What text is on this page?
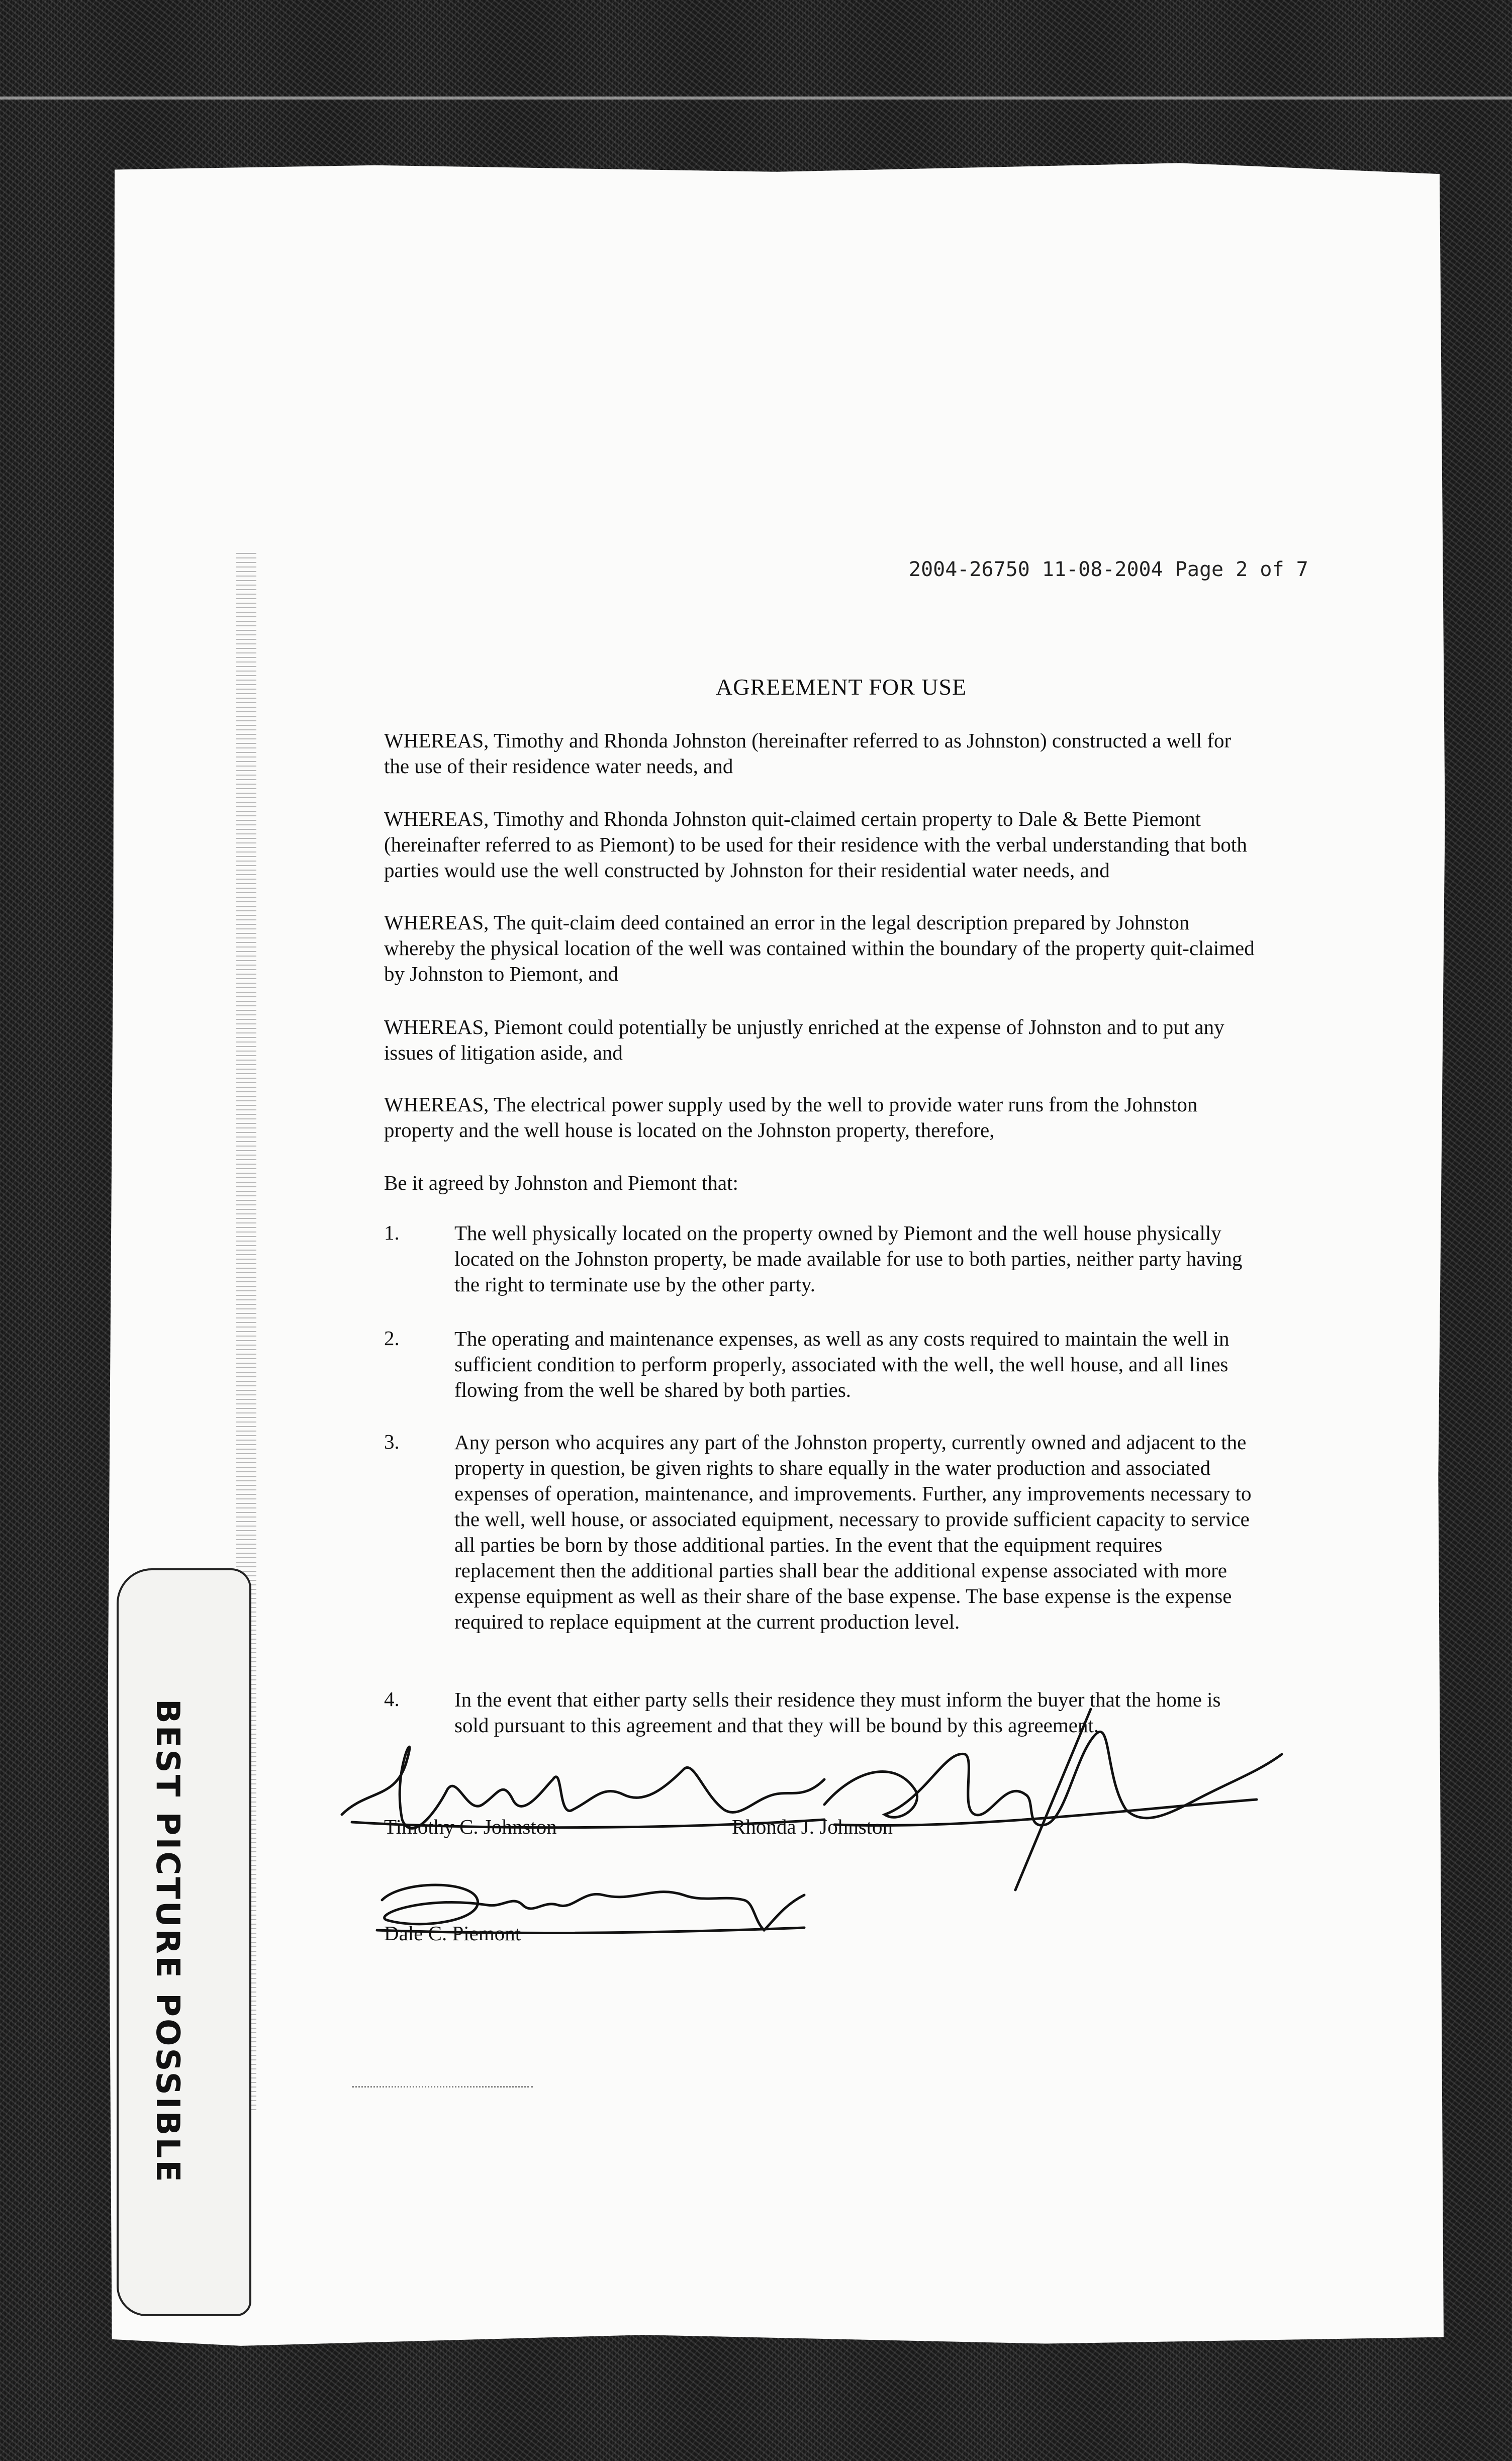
BEST PICTURE POSSIBLE
2004-26750 11-08-2004 Page 2 of 7
AGREEMENT FOR USE

WHEREAS, Timothy and Rhonda Johnston (hereinafter referred to as Johnston) constructed a well for the use of their residence water needs, and

WHEREAS, Timothy and Rhonda Johnston quit-claimed certain property to Dale & Bette Piemont (hereinafter referred to as Piemont) to be used for their residence with the verbal understanding that both parties would use the well constructed by Johnston for their residential water needs, and

WHEREAS, The quit-claim deed contained an error in the legal description prepared by Johnston whereby the physical location of the well was contained within the boundary of the property quit-claimed by Johnston to Piemont, and

WHEREAS, Piemont could potentially be unjustly enriched at the expense of Johnston and to put any issues of litigation aside, and

WHEREAS, The electrical power supply used by the well to provide water runs from the Johnston property and the well house is located on the Johnston property, therefore,

Be it agreed by Johnston and Piemont that:

1.	The well physically located on the property owned by Piemont and the well house physically located on the Johnston property, be made available for use to both parties, neither party having the right to terminate use by the other party.

2.	The operating and maintenance expenses, as well as any costs required to maintain the well in sufficient condition to perform properly, associated with the well, the well house, and all lines flowing from the well be shared by both parties.

3.	Any person who acquires any part of the Johnston property, currently owned and adjacent to the property in question, be given rights to share equally in the water production and associated expenses of operation, maintenance, and improvements. Further, any improvements necessary to the well, well house, or associated equipment, necessary to provide sufficient capacity to service all parties be born by those additional parties. In the event that the equipment requires replacement then the additional parties shall bear the additional expense associated with more expense equipment as well as their share of the base expense. The base expense is the expense required to replace equipment at the current production level.

4.	In the event that either party sells their residence they must inform the buyer that the home is sold pursuant to this agreement and that they will be bound by this agreement.

Timothy C. Johnston	Rhonda J. Johnston
Dale C. Piemont
